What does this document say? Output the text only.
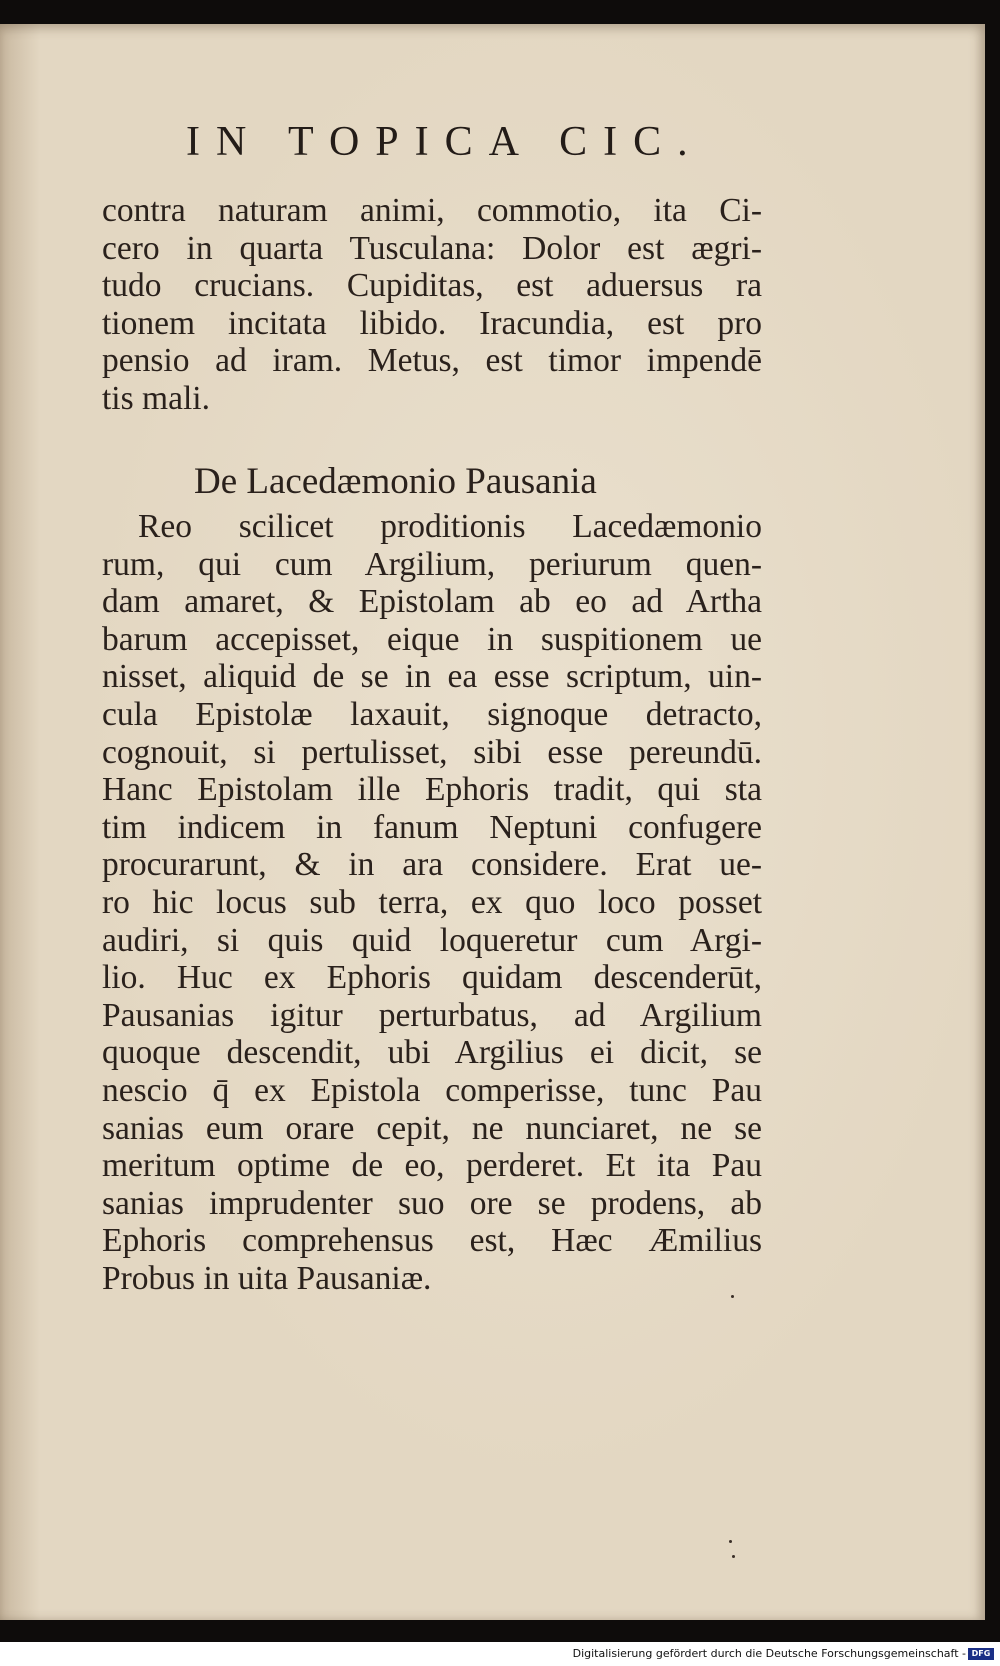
IN TOPICA CIC.
contra naturam animi, commotio, ita Ci-
cero in quarta Tusculana: Dolor est ægri-
tudo crucians. Cupiditas, est aduersus ra
tionem incitata libido. Iracundia, est pro
pensio ad iram. Metus, est timor impendē
tis mali.
De Lacedæmonio Pausania
Reo scilicet proditionis Lacedæmonio
rum, qui cum Argilium, periurum quen-
dam amaret, & Epistolam ab eo ad Artha
barum accepisset, eique in suspitionem ue
nisset, aliquid de se in ea esse scriptum, uin-
cula Epistolæ laxauit, signoque detracto,
cognouit, si pertulisset, sibi esse pereundū.
Hanc Epistolam ille Ephoris tradit, qui sta
tim indicem in fanum Neptuni confugere
procurarunt, & in ara considere. Erat ue-
ro hic locus sub terra, ex quo loco posset
audiri, si quis quid loqueretur cum Argi-
lio. Huc ex Ephoris quidam descenderūt,
Pausanias igitur perturbatus, ad Argilium
quoque descendit, ubi Argilius ei dicit, se
nescio q̄ ex Epistola comperisse, tunc Pau
sanias eum orare cepit, ne nunciaret, ne se
meritum optime de eo, perderet. Et ita Pau
sanias imprudenter suo ore se prodens, ab
Ephoris comprehensus est, Hæc Æmilius
Probus in uita Pausaniæ.
Digitalisierung gefördert durch die Deutsche Forschungsgemeinschaft - DFG
